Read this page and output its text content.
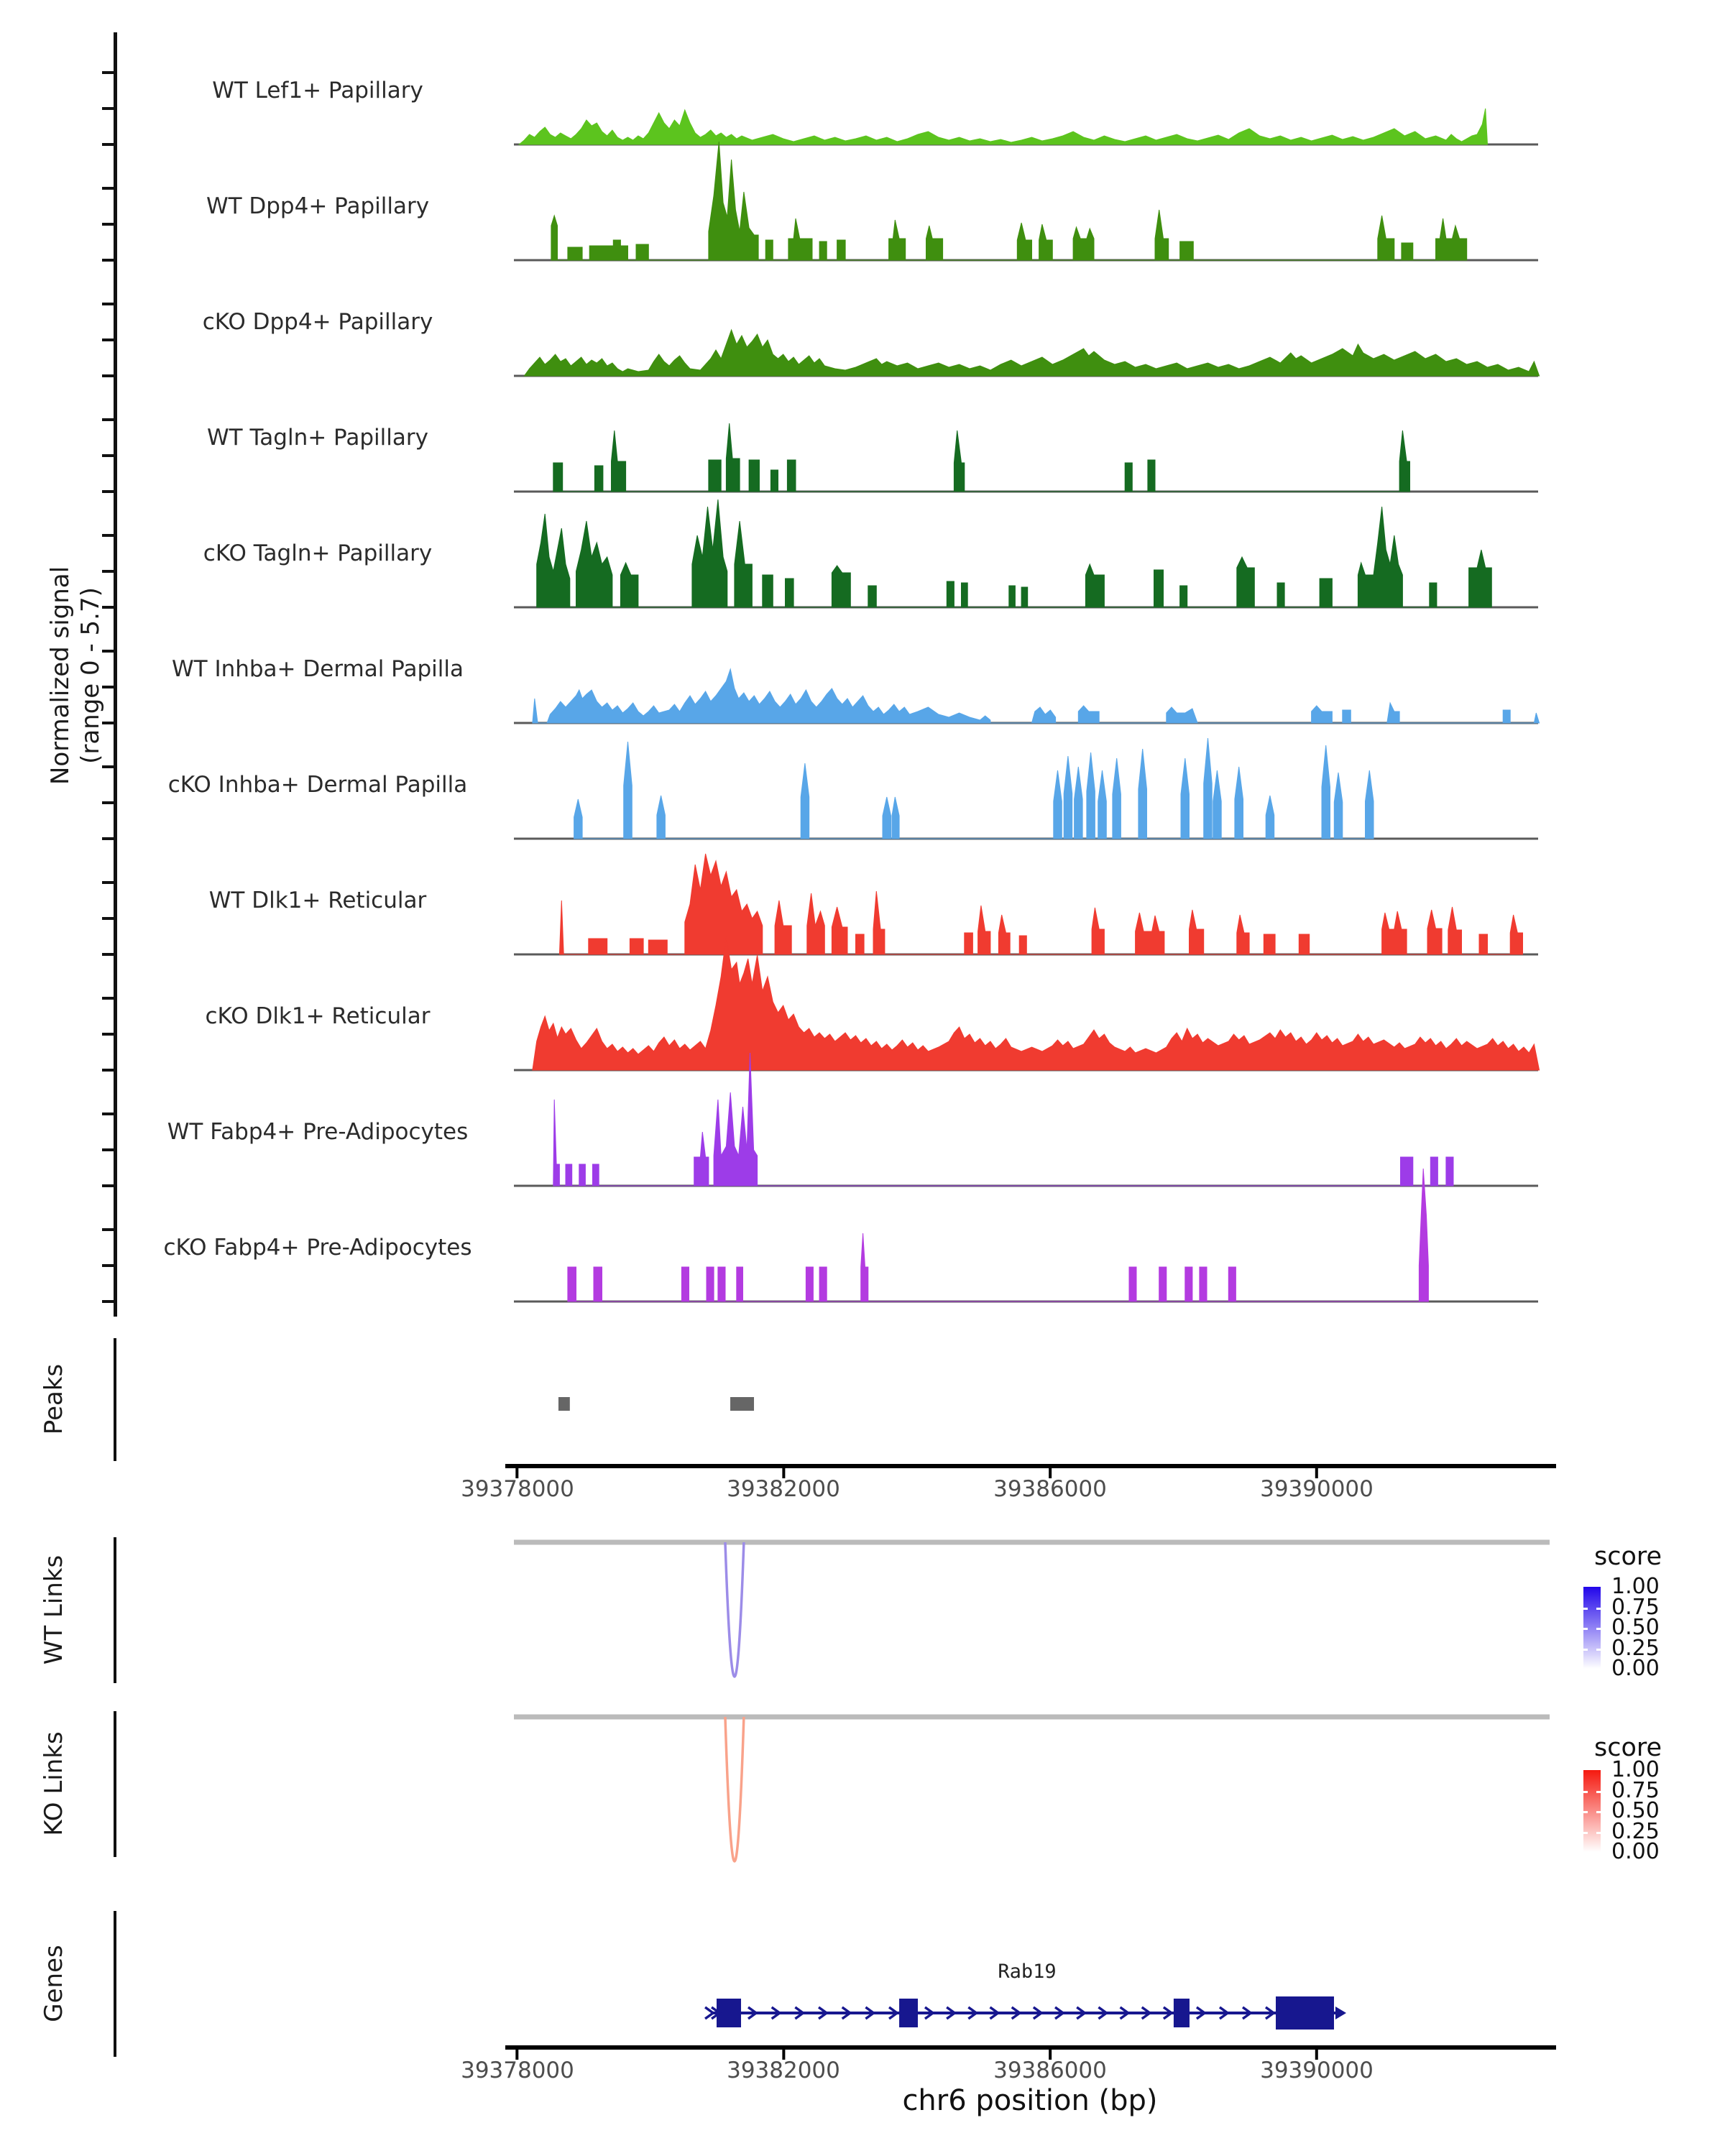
Normalized signal (range 0 - 5.7)
WT Lef1+ Papillary
WT Dpp4+ Papillary
cKO Dpp4+ Papillary
WT Tagln+ Papillary
cKO Tagln+ Papillary
WT Inhba+ Dermal Papilla
cKO Inhba+ Dermal Papilla
WT Dlk1+ Reticular
cKO Dlk1+ Reticular
WT Fabp4+ Pre-Adipocytes
cKO Fabp4+ Pre-Adipocytes
Peaks
WT Links
KO Links
Genes
39378000	39382000	39386000	39390000
39378000	39382000	39386000	39390000
chr6 position (bp)
Rab19
score
1.00
0.75
0.50
0.25
0.00
score
1.00
0.75
0.50
0.25
0.00
